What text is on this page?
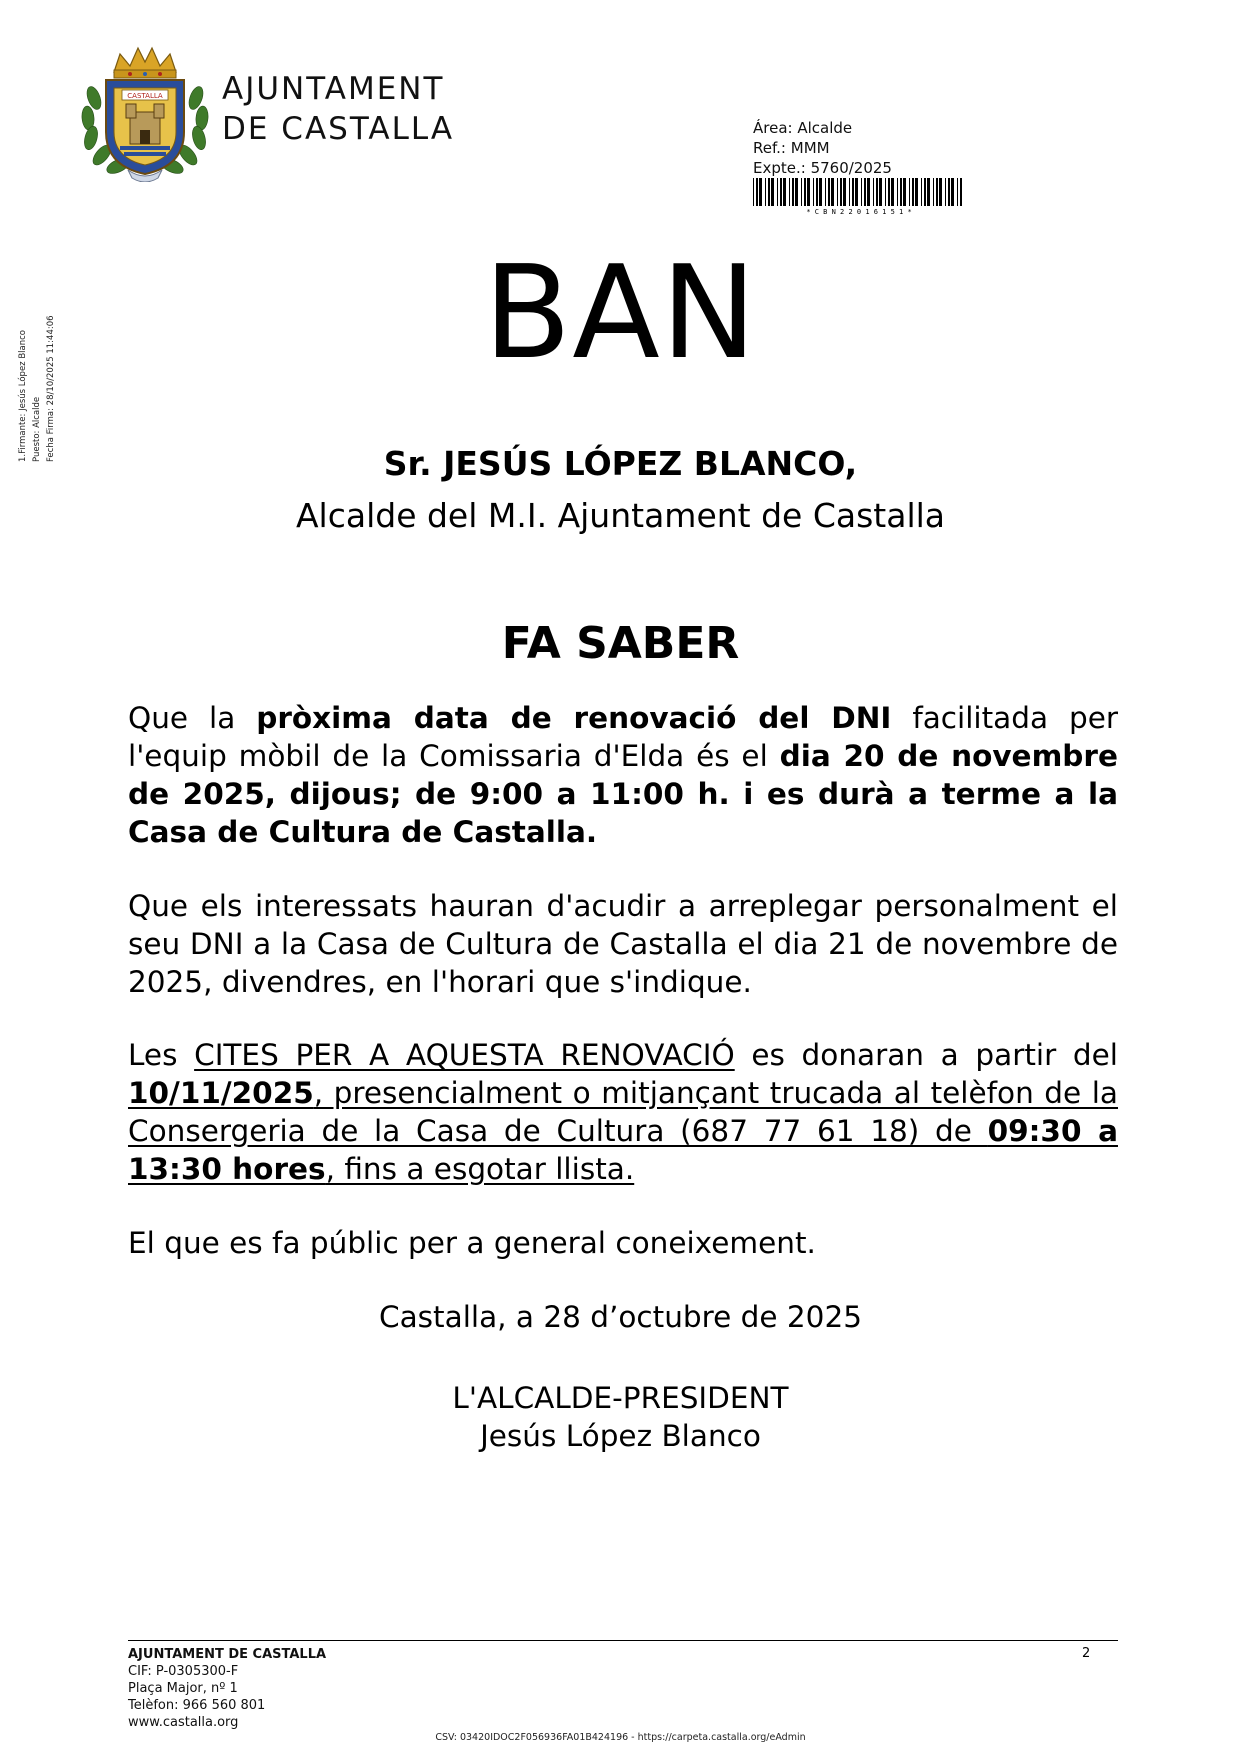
CASTALLA AJUNTAMENT
DE CASTALLA	Área: Alcalde
Ref.: MMM
Expte.: 5760/2025
* C B N 2 2 0 1 6 1 5 1 *
1.Firmante: Jesús López Blanco Puesto: Alcalde Fecha Firma: 28/10/2025 11:44:06
BAN
Sr. JESÚS LÓPEZ BLANCO,
Alcalde del M.I. Ajuntament de Castalla
FA SABER
Que la pròxima data de renovació del DNI facilitada per l'equip mòbil de la Comissaria d'Elda és el dia 20 de novembre de 2025, dijous; de 9:00 a 11:00 h. i es durà a terme a la Casa de Cultura de Castalla.
Que els interessats hauran d'acudir a arreplegar personalment el seu DNI a la Casa de Cultura de Castalla el dia 21 de novembre de 2025, divendres, en l'horari que s'indique.
Les CITES PER A AQUESTA RENOVACIÓ es donaran a partir del 10/11/2025, presencialment o mitjançant trucada al telèfon de la Consergeria de la Casa de Cultura (687 77 61 18) de 09:30 a 13:30 hores, fins a esgotar llista.
El que es fa públic per a general coneixement.
Castalla, a 28 d’octubre de 2025
L'ALCALDE-PRESIDENT
Jesús López Blanco
AJUNTAMENT DE CASTALLA
CIF: P-0305300-F
Plaça Major, nº 1
Telèfon: 966 560 801
www.castalla.org
2
CSV: 03420IDOC2F056936FA01B424196 - https://carpeta.castalla.org/eAdmin
